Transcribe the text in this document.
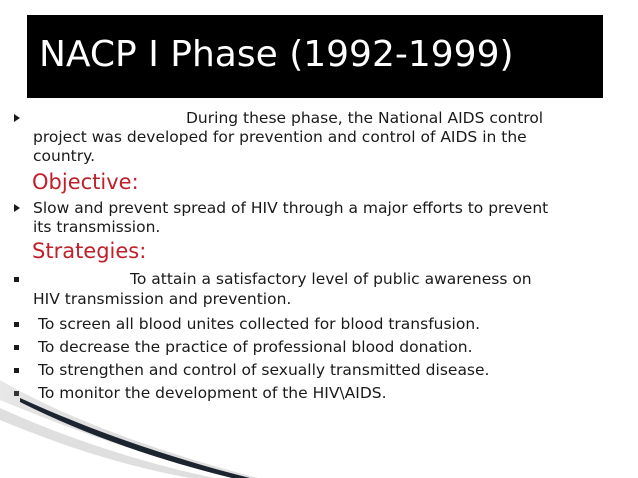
NACP I Phase (1992-1999)
During these phase, the National AIDS control
project was developed for prevention and control of AIDS in the
country.
Objective:
Slow and prevent spread of HIV through a major efforts to prevent
its transmission.
Strategies:
To attain a satisfactory level of public awareness on
HIV transmission and prevention.
To screen all blood unites collected for blood transfusion.
To decrease the practice of professional blood donation.
To strengthen and control of sexually transmitted disease.
To monitor the development of the HIV\AIDS.
